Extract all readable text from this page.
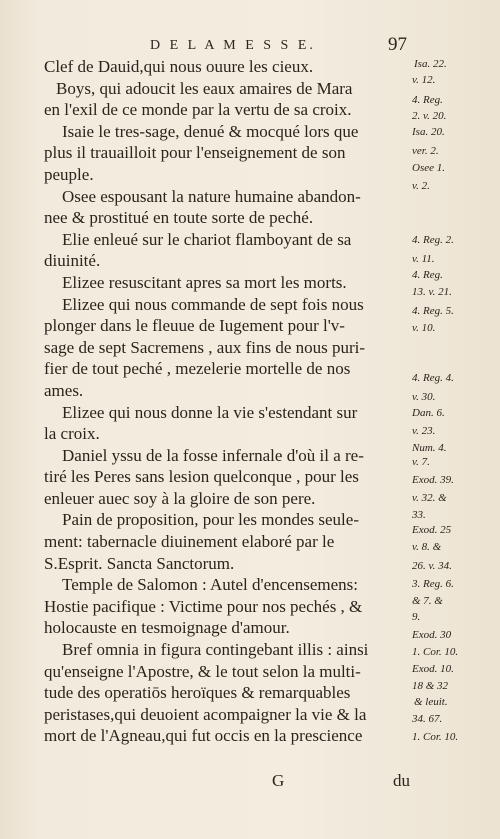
D E L A M E S S E.	97
Clef de Dauid,qui nous ouure les cieux.
Boys, qui adoucit les eaux amaires de Mara
en l'exil de ce monde par la vertu de sa croix.
Isaie le tres-sage, denué & mocqué lors que
plus il trauailloit pour l'enseignement de son
peuple.
Osee espousant la nature humaine abandon-
nee & prostitué en toute sorte de peché.
Elie enleué sur le chariot flamboyant de sa
diuinité.
Elizee resuscitant apres sa mort les morts.
Elizee qui nous commande de sept fois nous
plonger dans le fleuue de Iugement pour l'v-
sage de sept Sacremens , aux fins de nous puri-
fier de tout peché , mezelerie mortelle de nos
ames.
Elizee qui nous donne la vie s'estendant sur
la croix.
Daniel yssu de la fosse infernale d'où il a re-
tiré les Peres sans lesion quelconque , pour les
enleuer auec soy à la gloire de son pere.
Pain de proposition, pour les mondes seule-
ment: tabernacle diuinement elaboré par le
S.Esprit. Sancta Sanctorum.
Temple de Salomon : Autel d'encensemens:
Hostie pacifique : Victime pour nos pechés , &
holocauste en tesmoignage d'amour.
Bref omnia in figura contingebant illis : ainsi
qu'enseigne l'Apostre, & le tout selon la multi-
tude des operatiōs heroïques & remarquables
peristases,qui deuoient acompaigner la vie & la
mort de l'Agneau,qui fut occis en la prescience
Isa. 22.
v. 12.
4. Reg.
2. v. 20.
Isa. 20.
ver. 2.
Osee 1.
v. 2.
4. Reg. 2.
v. 11.
4. Reg.
13. v. 21.
4. Reg. 5.
v. 10.
4. Reg. 4.
v. 30.
Dan. 6.
v. 23.
Num. 4.
v. 7.
Exod. 39.
v. 32. &
33.
Exod. 25
v. 8. &
26. v. 34.
3. Reg. 6.
& 7. &
9.
Exod. 30
1. Cor. 10.
Exod. 10.
18 & 32
& leuit.
34. 67.
1. Cor. 10.
G	du
